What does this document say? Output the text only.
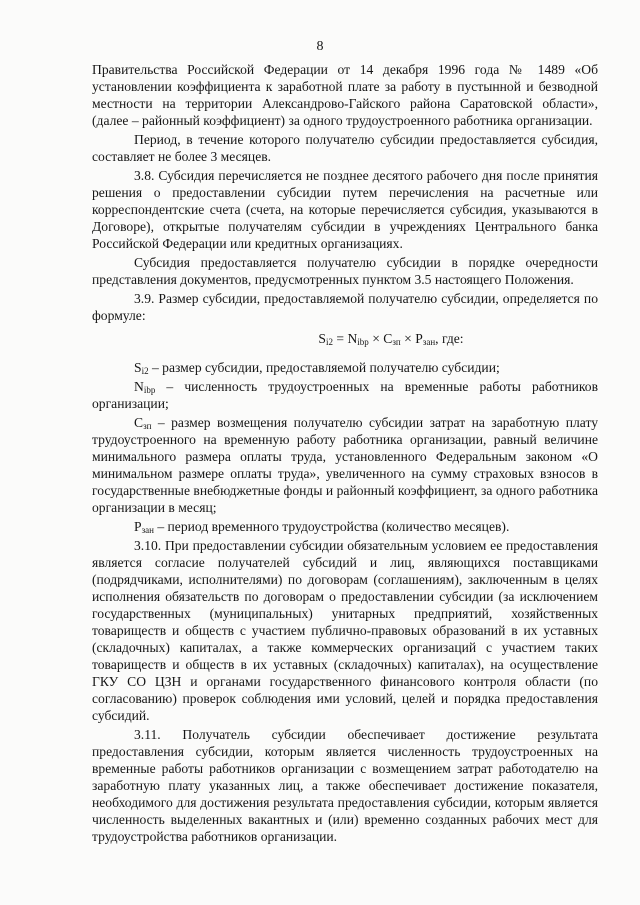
8

Правительства Российской Федерации от 14 декабря 1996 года № 1489 «Об установлении коэффициента к заработной плате за работу в пустынной и безводной местности на территории Александрово-Гайского района Саратовской области», (далее – районный коэффициент) за одного трудоустроенного работника организации.

Период, в течение которого получателю субсидии предоставляется субсидия, составляет не более 3 месяцев.

3.8. Субсидия перечисляется не позднее десятого рабочего дня после принятия решения о предоставлении субсидии путем перечисления на расчетные или корреспондентские счета (счета, на которые перечисляется субсидия, указываются в Договоре), открытые получателям субсидии в учреждениях Центрального банка Российской Федерации или кредитных организациях.

Субсидия предоставляется получателю субсидии в порядке очередности представления документов, предусмотренных пунктом 3.5 настоящего Положения.

3.9. Размер субсидии, предоставляемой получателю субсидии, определяется по формуле:

$S_{i2} = N_{ibp} \times C_{зп} \times P_{зан}$, где:

$S_{i2}$ – размер субсидии, предоставляемой получателю субсидии;

$N_{ibp}$ – численность трудоустроенных на временные работы работников организации;

$С_{зп}$ – размер возмещения получателю субсидии затрат на заработную плату трудоустроенного на временную работу работника организации, равный величине минимального размера оплаты труда, установленного Федеральным законом «О минимальном размере оплаты труда», увеличенного на сумму страховых взносов в государственные внебюджетные фонды и районный коэффициент, за одного работника организации в месяц;

$P_{зан}$ – период временного трудоустройства (количество месяцев).

3.10. При предоставлении субсидии обязательным условием ее предоставления является согласие получателей субсидий и лиц, являющихся поставщиками (подрядчиками, исполнителями) по договорам (соглашениям), заключенным в целях исполнения обязательств по договорам о предоставлении субсидии (за исключением государственных (муниципальных) унитарных предприятий, хозяйственных товариществ и обществ с участием публично-правовых образований в их уставных (складочных) капиталах, а также коммерческих организаций с участием таких товариществ и обществ в их уставных (складочных) капиталах), на осуществление ГКУ СО ЦЗН и органами государственного финансового контроля области (по согласованию) проверок соблюдения ими условий, целей и порядка предоставления субсидий.

3.11. Получатель субсидии обеспечивает достижение результата предоставления субсидии, которым является численность трудоустроенных на временные работы работников организации с возмещением затрат работодателю на заработную плату указанных лиц, а также обеспечивает достижение показателя, необходимого для достижения результата предоставления субсидии, которым является численность выделенных вакантных и (или) временно созданных рабочих мест для трудоустройства работников организации.
